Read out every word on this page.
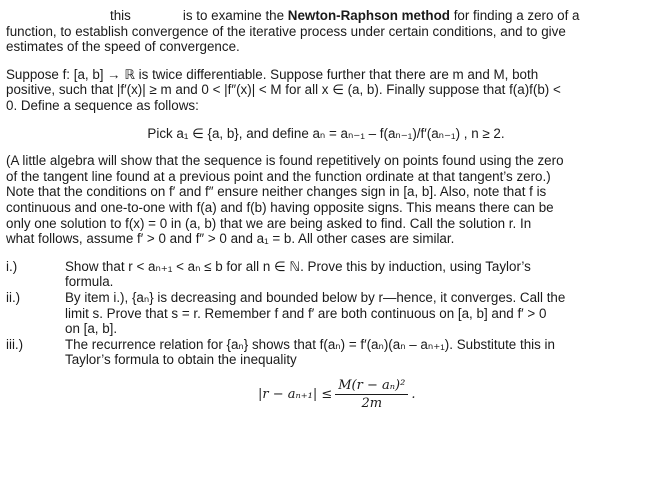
this	is to examine the Newton-Raphson method for finding a zero of a
function, to establish convergence of the iterative process under certain conditions, and to give
estimates of the speed of convergence.

Suppose f: [a, b] → ℝ is twice differentiable. Suppose further that there are m and M, both
positive, such that |f′(x)| ≥ m and 0 < |f″(x)| < M for all x ∈ (a, b). Finally suppose that f(a)f(b) <
0. Define a sequence as follows:

Pick a₁ ∈ {a, b}, and define aₙ = aₙ₋₁ – f(aₙ₋₁)/f′(aₙ₋₁) , n ≥ 2.

(A little algebra will show that the sequence is found repetitively on points found using the zero
of the tangent line found at a previous point and the function ordinate at that tangent’s zero.)
Note that the conditions on f′ and f″ ensure neither changes sign in [a, b]. Also, note that f is
continuous and one-to-one with f(a) and f(b) having opposite signs. This means there can be
only one solution to f(x) = 0 in (a, b) that we are being asked to find. Call the solution r. In
what follows, assume f′ > 0 and f″ > 0 and a₁ = b. All other cases are similar.

i.)	Show that r < aₙ₊₁ < aₙ ≤ b for all n ∈ ℕ. Prove this by induction, using Taylor’s
formula.
ii.)	By item i.), {aₙ} is decreasing and bounded below by r—hence, it converges. Call the
limit s. Prove that s = r. Remember f and f′ are both continuous on [a, b] and f′ > 0
on [a, b].
iii.)	The recurrence relation for {aₙ} shows that f(aₙ) = f′(aₙ)(aₙ – aₙ₊₁). Substitute this in
Taylor’s formula to obtain the inequality
$|r - a_{n+1}| \le \frac{\text{M(r − aₙ)²}}{2m}$ .
